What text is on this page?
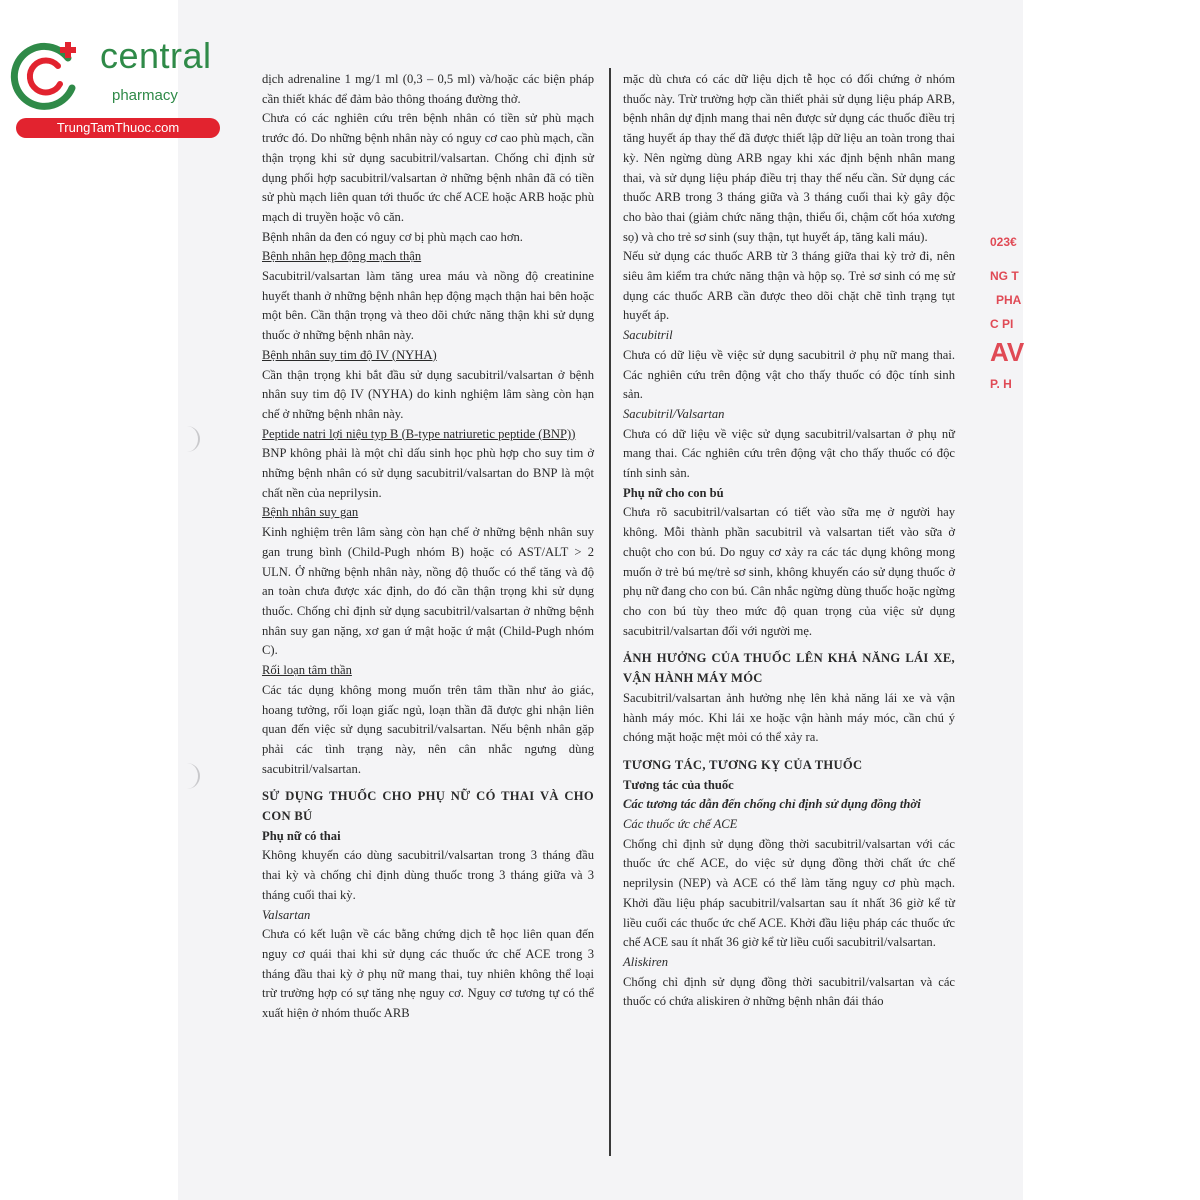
central
pharmacy
TrungTamThuoc.com
023€
NG T
PHA
C PI
AV
P. H

dịch adrenaline 1 mg/1 ml (0,3 – 0,5 ml) và/hoặc các biện pháp cần thiết khác để đảm bảo thông thoáng đường thở.

Chưa có các nghiên cứu trên bệnh nhân có tiền sử phù mạch trước đó. Do những bệnh nhân này có nguy cơ cao phù mạch, cần thận trọng khi sử dụng sacubitril/valsartan. Chống chỉ định sử dụng phối hợp sacubitril/valsartan ở những bệnh nhân đã có tiền sử phù mạch liên quan tới thuốc ức chế ACE hoặc ARB hoặc phù mạch di truyền hoặc vô căn.

Bệnh nhân da đen có nguy cơ bị phù mạch cao hơn.

Bệnh nhân hẹp động mạch thận

Sacubitril/valsartan làm tăng urea máu và nồng độ creatinine huyết thanh ở những bệnh nhân hẹp động mạch thận hai bên hoặc một bên. Cần thận trọng và theo dõi chức năng thận khi sử dụng thuốc ở những bệnh nhân này.

Bệnh nhân suy tim độ IV (NYHA)

Cần thận trọng khi bắt đầu sử dụng sacubitril/valsartan ở bệnh nhân suy tim độ IV (NYHA) do kinh nghiệm lâm sàng còn hạn chế ở những bệnh nhân này.

Peptide natri lợi niệu typ B (B-type natriuretic peptide (BNP))

BNP không phải là một chỉ dấu sinh học phù hợp cho suy tim ở những bệnh nhân có sử dụng sacubitril/valsartan do BNP là một chất nền của neprilysin.

Bệnh nhân suy gan

Kinh nghiệm trên lâm sàng còn hạn chế ở những bệnh nhân suy gan trung bình (Child-Pugh nhóm B) hoặc có AST/ALT > 2 ULN. Ở những bệnh nhân này, nồng độ thuốc có thể tăng và độ an toàn chưa được xác định, do đó cần thận trọng khi sử dụng thuốc. Chống chỉ định sử dụng sacubitril/valsartan ở những bệnh nhân suy gan nặng, xơ gan ứ mật hoặc ứ mật (Child-Pugh nhóm C).

Rối loạn tâm thần

Các tác dụng không mong muốn trên tâm thần như ảo giác, hoang tưởng, rối loạn giấc ngủ, loạn thần đã được ghi nhận liên quan đến việc sử dụng sacubitril/valsartan. Nếu bệnh nhân gặp phải các tình trạng này, nên cân nhắc ngưng dùng sacubitril/valsartan.

SỬ DỤNG THUỐC CHO PHỤ NỮ CÓ THAI VÀ CHO CON BÚ

Phụ nữ có thai

Không khuyến cáo dùng sacubitril/valsartan trong 3 tháng đầu thai kỳ và chống chỉ định dùng thuốc trong 3 tháng giữa và 3 tháng cuối thai kỳ.

Valsartan

Chưa có kết luận về các bằng chứng dịch tễ học liên quan đến nguy cơ quái thai khi sử dụng các thuốc ức chế ACE trong 3 tháng đầu thai kỳ ở phụ nữ mang thai, tuy nhiên không thể loại trừ trường hợp có sự tăng nhẹ nguy cơ. Nguy cơ tương tự có thể xuất hiện ở nhóm thuốc ARB

mặc dù chưa có các dữ liệu dịch tễ học có đối chứng ở nhóm thuốc này. Trừ trường hợp cần thiết phải sử dụng liệu pháp ARB, bệnh nhân dự định mang thai nên được sử dụng các thuốc điều trị tăng huyết áp thay thế đã được thiết lập dữ liệu an toàn trong thai kỳ. Nên ngừng dùng ARB ngay khi xác định bệnh nhân mang thai, và sử dụng liệu pháp điều trị thay thế nếu cần. Sử dụng các thuốc ARB trong 3 tháng giữa và 3 tháng cuối thai kỳ gây độc cho bào thai (giảm chức năng thận, thiểu ối, chậm cốt hóa xương sọ) và cho trẻ sơ sinh (suy thận, tụt huyết áp, tăng kali máu).

Nếu sử dụng các thuốc ARB từ 3 tháng giữa thai kỳ trở đi, nên siêu âm kiểm tra chức năng thận và hộp sọ. Trẻ sơ sinh có mẹ sử dụng các thuốc ARB cần được theo dõi chặt chẽ tình trạng tụt huyết áp.

Sacubitril

Chưa có dữ liệu về việc sử dụng sacubitril ở phụ nữ mang thai. Các nghiên cứu trên động vật cho thấy thuốc có độc tính sinh sản.

Sacubitril/Valsartan

Chưa có dữ liệu về việc sử dụng sacubitril/valsartan ở phụ nữ mang thai. Các nghiên cứu trên động vật cho thấy thuốc có độc tính sinh sản.

Phụ nữ cho con bú

Chưa rõ sacubitril/valsartan có tiết vào sữa mẹ ở người hay không. Mỗi thành phần sacubitril và valsartan tiết vào sữa ở chuột cho con bú. Do nguy cơ xảy ra các tác dụng không mong muốn ở trẻ bú mẹ/trẻ sơ sinh, không khuyến cáo sử dụng thuốc ở phụ nữ đang cho con bú. Cân nhắc ngừng dùng thuốc hoặc ngừng cho con bú tùy theo mức độ quan trọng của việc sử dụng sacubitril/valsartan đối với người mẹ.

ẢNH HƯỞNG CỦA THUỐC LÊN KHẢ NĂNG LÁI XE, VẬN HÀNH MÁY MÓC

Sacubitril/valsartan ảnh hưởng nhẹ lên khả năng lái xe và vận hành máy móc. Khi lái xe hoặc vận hành máy móc, cần chú ý chóng mặt hoặc mệt mỏi có thể xảy ra.

TƯƠNG TÁC, TƯƠNG KỴ CỦA THUỐC

Tương tác của thuốc

Các tương tác dẫn đến chống chỉ định sử dụng đồng thời

Các thuốc ức chế ACE

Chống chỉ định sử dụng đồng thời sacubitril/valsartan với các thuốc ức chế ACE, do việc sử dụng đồng thời chất ức chế neprilysin (NEP) và ACE có thể làm tăng nguy cơ phù mạch. Khởi đầu liệu pháp sacubitril/valsartan sau ít nhất 36 giờ kể từ liều cuối các thuốc ức chế ACE. Khởi đầu liệu pháp các thuốc ức chế ACE sau ít nhất 36 giờ kể từ liều cuối sacubitril/valsartan.

Aliskiren

Chống chỉ định sử dụng đồng thời sacubitril/valsartan và các thuốc có chứa aliskiren ở những bệnh nhân đái tháo
